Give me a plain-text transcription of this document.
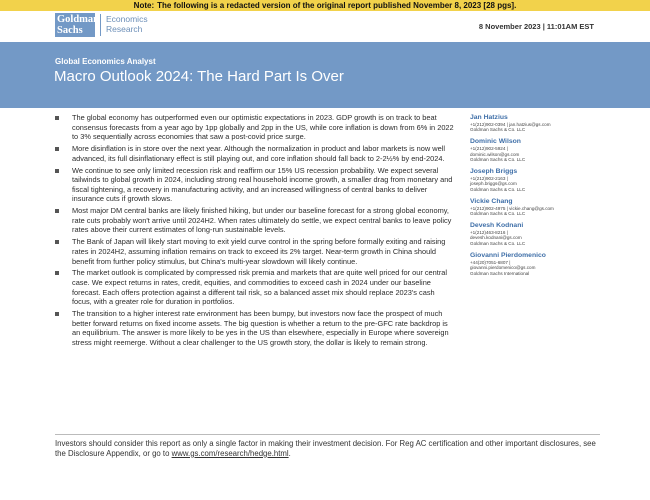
Note: The following is a redacted version of the original report published November 8, 2023 [28 pgs].
Goldman
Sachs
Economics
Research	8 November 2023 | 11:01AM EST
Global Economics Analyst
Macro Outlook 2024: The Hard Part Is Over
The global economy has outperformed even our optimistic expectations in 2023. GDP growth is on track to beat consensus forecasts from a year ago by 1pp globally and 2pp in the US, while core inflation is down from 6% in 2022 to 3% sequentially across economies that saw a post-covid price surge.
More disinflation is in store over the next year. Although the normalization in product and labor markets is now well advanced, its full disinflationary effect is still playing out, and core inflation should fall back to 2-2½% by end-2024.
We continue to see only limited recession risk and reaffirm our 15% US recession probability. We expect several tailwinds to global growth in 2024, including strong real household income growth, a smaller drag from monetary and fiscal tightening, a recovery in manufacturing activity, and an increased willingness of central banks to deliver insurance cuts if growth slows.
Most major DM central banks are likely finished hiking, but under our baseline forecast for a strong global economy, rate cuts probably won't arrive until 2024H2. When rates ultimately do settle, we expect central banks to leave policy rates above their current estimates of long-run sustainable levels.
The Bank of Japan will likely start moving to exit yield curve control in the spring before formally exiting and raising rates in 2024H2, assuming inflation remains on track to exceed its 2% target. Near-term growth in China should benefit from further policy stimulus, but China's multi-year slowdown will likely continue.
The market outlook is complicated by compressed risk premia and markets that are quite well priced for our central case. We expect returns in rates, credit, equities, and commodities to exceed cash in 2024 under our baseline forecast. Each offers protection against a different tail risk, so a balanced asset mix should replace 2023's cash focus, with a greater role for duration in portfolios.
The transition to a higher interest rate environment has been bumpy, but investors now face the prospect of much better forward returns on fixed income assets. The big question is whether a return to the pre-GFC rate backdrop is an equilibrium. The answer is more likely to be yes in the US than elsewhere, especially in Europe where sovereign stress might reemerge. Without a clear challenger to the US growth story, the dollar is likely to remain strong.
Jan Hatzius
+1(212)902-0394 | jan.hatzius@gs.com
Goldman Sachs & Co. LLC
Dominic Wilson
+1(212)902-5924 |
dominic.wilson@gs.com
Goldman Sachs & Co. LLC
Joseph Briggs
+1(212)902-2163 |
joseph.briggs@gs.com
Goldman Sachs & Co. LLC
Vickie Chang
+1(212)902-4975 | vickie.chang@gs.com
Goldman Sachs & Co. LLC
Devesh Kodnani
+1(212)463-8216 |
devesh.kodnani@gs.com
Goldman Sachs & Co. LLC
Giovanni Pierdomenico
+44(20)7051-6807 |
giovanni.pierdomenico@gs.com
Goldman Sachs International
Investors should consider this report as only a single factor in making their investment decision. For Reg AC certification and other important disclosures, see the Disclosure Appendix, or go to www.gs.com/research/hedge.html.
